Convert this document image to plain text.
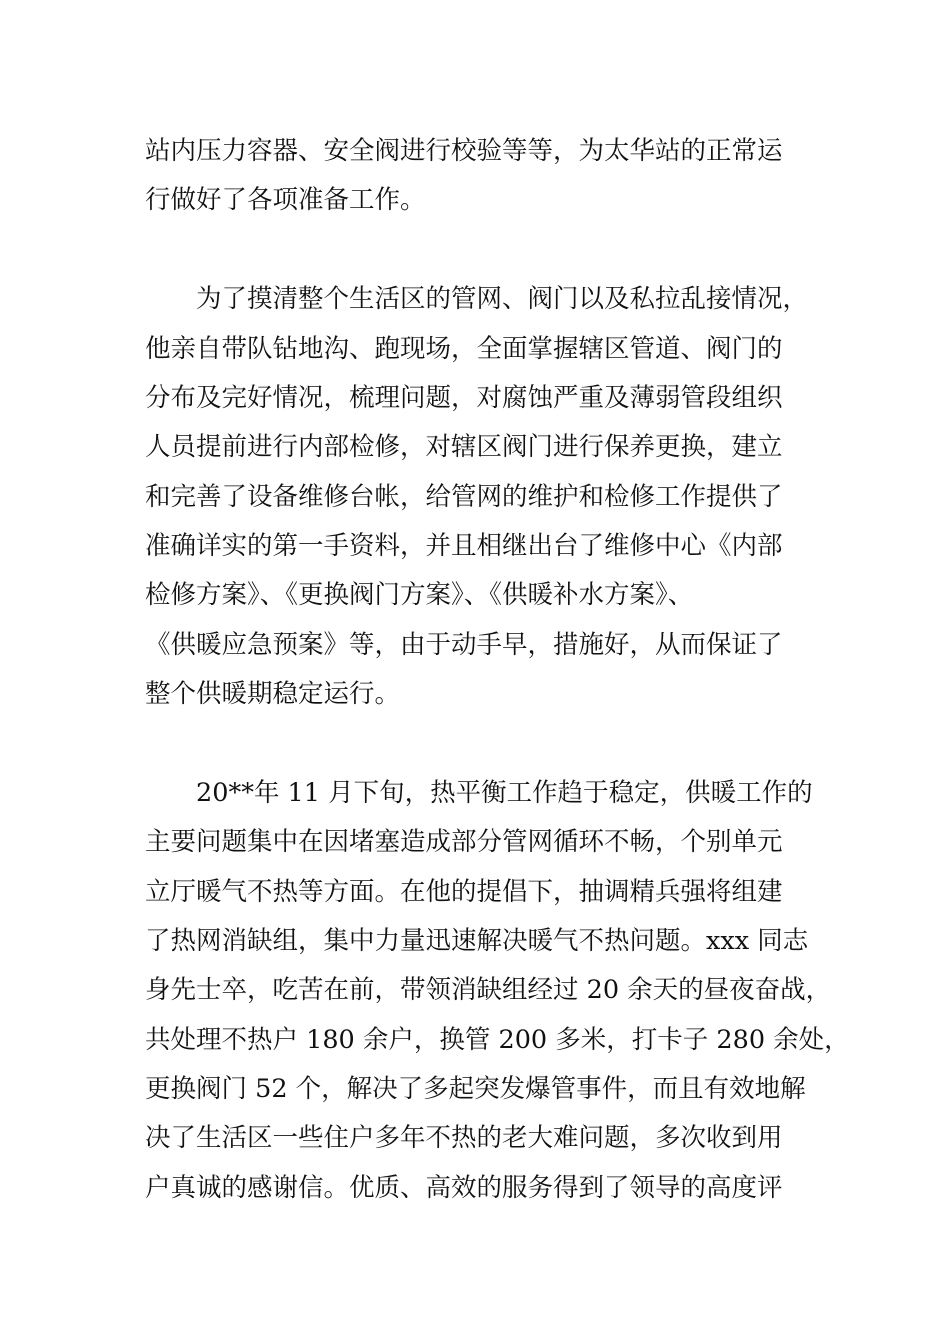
站内压力容器、安全阀进行校验等等，为太华站的正常运
行做好了各项准备工作。
　　为了摸清整个生活区的管网、阀门以及私拉乱接情况，
他亲自带队钻地沟、跑现场，全面掌握辖区管道、阀门的
分布及完好情况，梳理问题，对腐蚀严重及薄弱管段组织
人员提前进行内部检修，对辖区阀门进行保养更换，建立
和完善了设备维修台帐，给管网的维护和检修工作提供了
准确详实的第一手资料，并且相继出台了维修中心《内部
检修方案》、《更换阀门方案》、《供暖补水方案》、
《供暖应急预案》等，由于动手早，措施好，从而保证了
整个供暖期稳定运行。
　　20**年 11 月下旬，热平衡工作趋于稳定，供暖工作的
主要问题集中在因堵塞造成部分管网循环不畅，个别单元
立厅暖气不热等方面。在他的提倡下，抽调精兵强将组建
了热网消缺组，集中力量迅速解决暖气不热问题。xxx 同志
身先士卒，吃苦在前，带领消缺组经过 20 余天的昼夜奋战，
共处理不热户 180 余户，换管 200 多米，打卡子 280 余处，
更换阀门 52 个，解决了多起突发爆管事件，而且有效地解
决了生活区一些住户多年不热的老大难问题，多次收到用
户真诚的感谢信。优质、高效的服务得到了领导的高度评
